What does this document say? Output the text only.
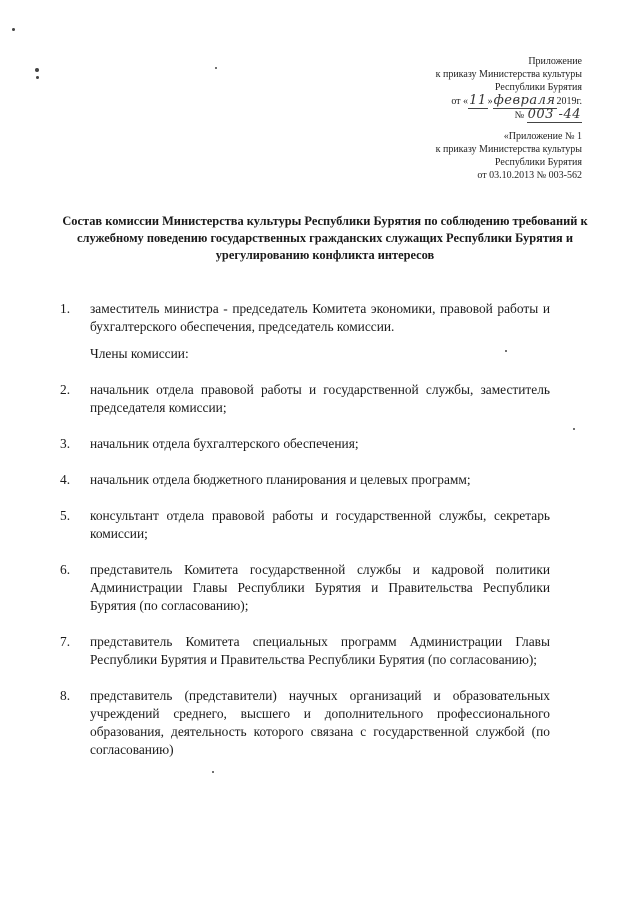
Приложение
к приказу Министерства культуры
Республики Бурятия
от «11»февраля2019г.
№ 003 -44
«Приложение № 1
к приказу Министерства культуры
Республики Бурятия
от 03.10.2013 № 003-562
Состав комиссии Министерства культуры Республики Бурятия по соблюдению требований к служебному поведению государственных гражданских служащих Республики Бурятия и урегулированию конфликта интересов
1.	заместитель министра - председатель Комитета экономики, правовой работы и бухгалтерского обеспечения, председатель комиссии.
Члены комиссии:
2.	начальник отдела правовой работы и государственной службы, заместитель председателя комиссии;
3.	начальник отдела бухгалтерского обеспечения;
4.	начальник отдела бюджетного планирования и целевых программ;
5.	консультант отдела правовой работы и государственной службы, секретарь комиссии;
6.	представитель Комитета государственной службы и кадровой политики Администрации Главы Республики Бурятия и Правительства Республики Бурятия (по согласованию);
7.	представитель Комитета специальных программ Администрации Главы Республики Бурятия и Правительства Республики Бурятия (по согласованию);
8.	представитель (представители) научных организаций и образовательных учреждений среднего, высшего и дополнительного профессионального образования, деятельность которого связана с государственной службой (по согласованию)
